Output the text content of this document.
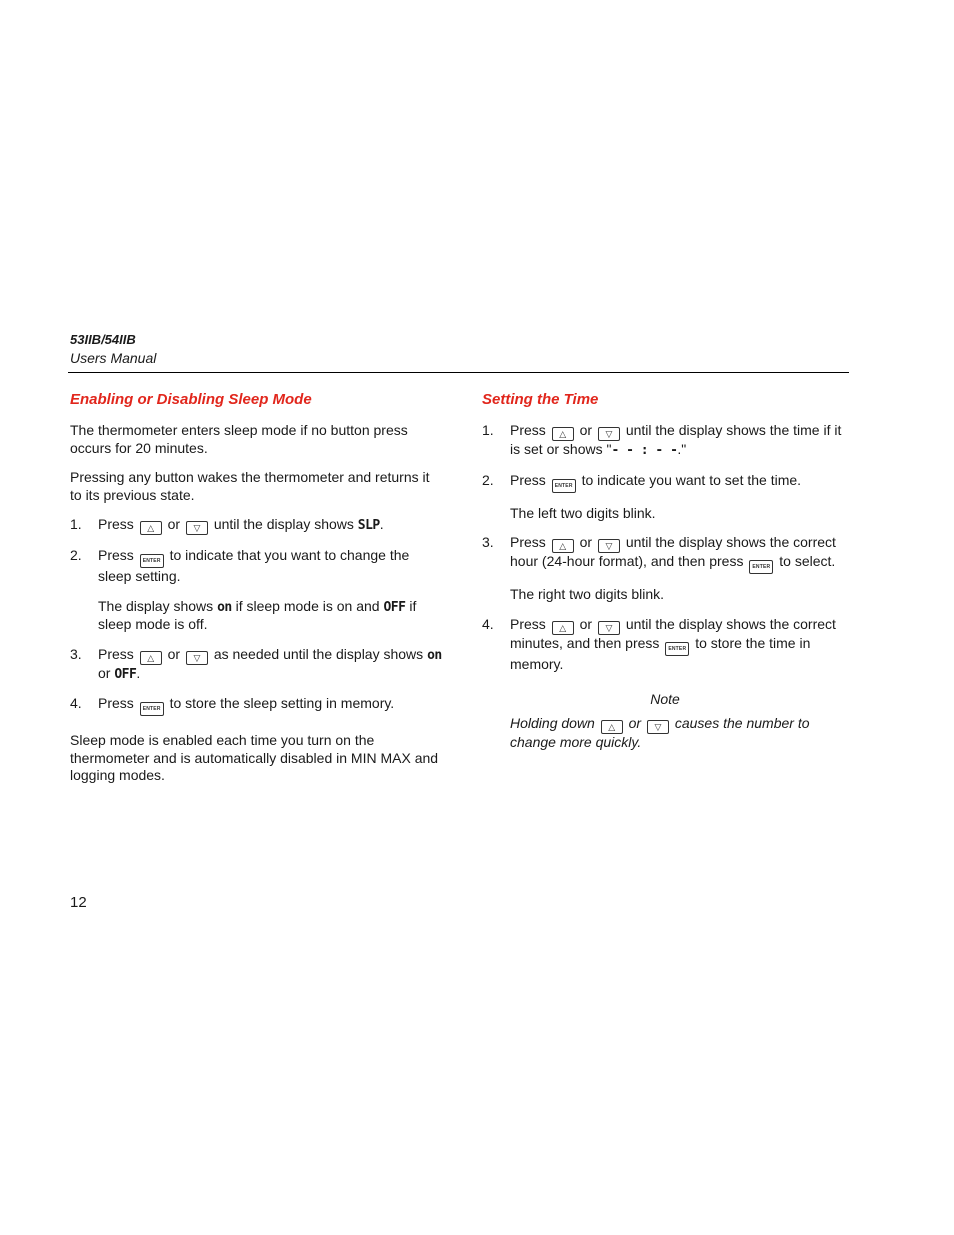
53IIB/54IIB
Users Manual
Enabling or Disabling Sleep Mode

The thermometer enters sleep mode if no button press occurs for 20 minutes.

Pressing any button wakes the thermometer and returns it to its previous state.

1. Press △ or ▽ until the display shows SLP.
2. Press ENTER to indicate that you want to change the sleep setting.
The display shows on if sleep mode is on and OFF if sleep mode is off.
3. Press △ or ▽ as needed until the display shows on or OFF.
4. Press ENTER to store the sleep setting in memory.

Sleep mode is enabled each time you turn on the thermometer and is automatically disabled in MIN MAX and logging modes.

Setting the Time
1. Press △ or ▽ until the display shows the time if it is set or shows "- - : - -."
2. Press ENTER to indicate you want to set the time.
The left two digits blink.
3. Press △ or ▽ until the display shows the correct hour (24-hour format), and then press ENTER to select.
The right two digits blink.
4. Press △ or ▽ until the display shows the correct minutes, and then press ENTER to store the time in memory.
Note
Holding down △ or ▽ causes the number to change more quickly.
12
